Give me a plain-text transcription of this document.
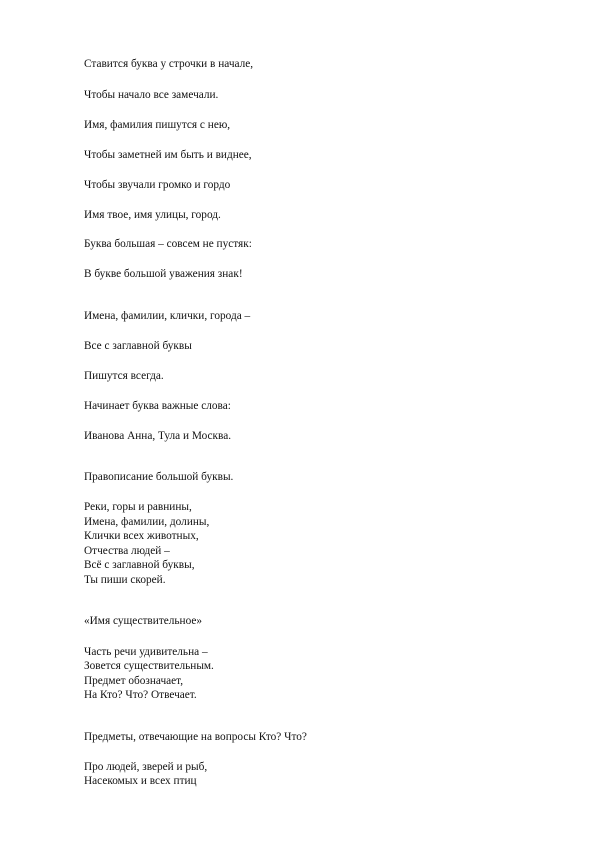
Ставится буква у строчки в начале,
Чтобы начало все замечали.
Имя, фамилия пишутся с нею,
Чтобы заметней им быть и виднее,
Чтобы звучали громко и гордо
Имя твое, имя улицы, город.
Буква большая – совсем не пустяк:
В букве большой уважения знак!
Имена, фамилии, клички, города –
Все с заглавной буквы
Пишутся всегда.
Начинает буква важные слова:
Иванова Анна, Тула и Москва.
Правописание большой буквы.
Реки, горы и равнины,
Имена, фамилии, долины,
Клички всех животных,
Отчества людей –
Всё с заглавной буквы,
Ты пиши скорей.
«Имя существительное»
Часть речи удивительна –
Зовется существительным.
Предмет обозначает,
На Кто? Что? Отвечает.
Предметы, отвечающие на вопросы Кто? Что?
Про людей, зверей и рыб,
Насекомых и всех птиц
